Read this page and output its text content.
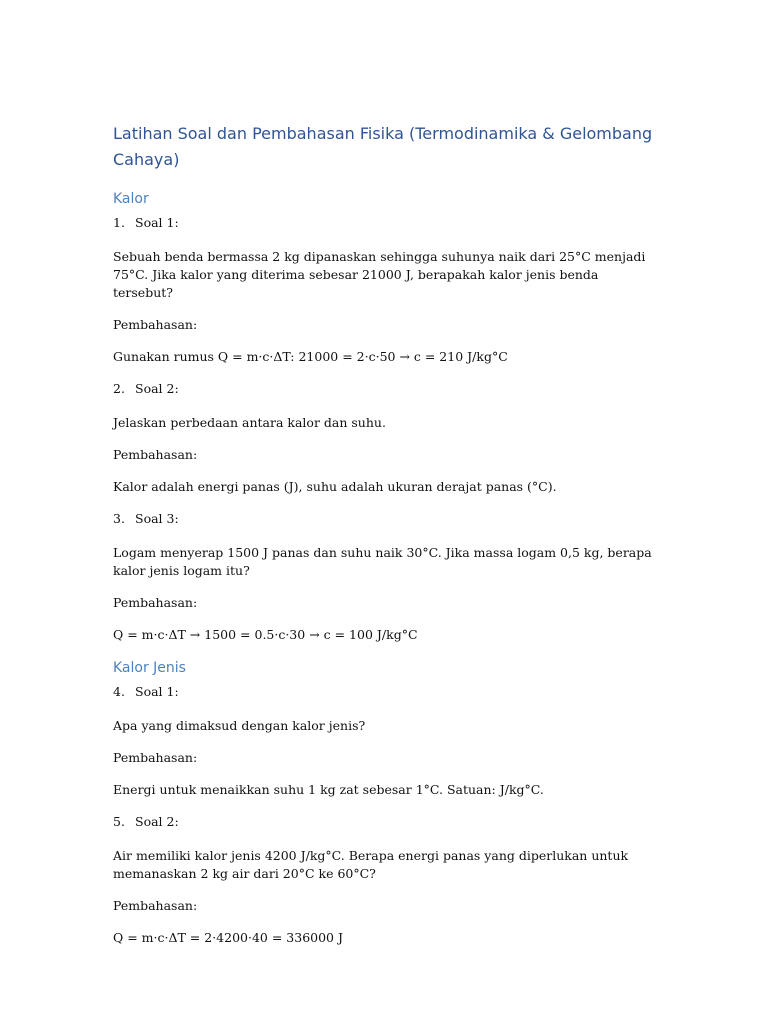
Latihan Soal dan Pembahasan Fisika (Termodinamika & Gelombang Cahaya)
Kalor

1. Soal 1:

Sebuah benda bermassa 2 kg dipanaskan sehingga suhunya naik dari 25°C menjadi 75°C. Jika kalor yang diterima sebesar 21000 J, berapakah kalor jenis benda tersebut?

Pembahasan:

Gunakan rumus Q = m·c·ΔT: 21000 = 2·c·50 → c = 210 J/kg°C

2. Soal 2:

Jelaskan perbedaan antara kalor dan suhu.

Pembahasan:

Kalor adalah energi panas (J), suhu adalah ukuran derajat panas (°C).

3. Soal 3:

Logam menyerap 1500 J panas dan suhu naik 30°C. Jika massa logam 0,5 kg, berapa kalor jenis logam itu?

Pembahasan:

Q = m·c·ΔT → 1500 = 0.5·c·30 → c = 100 J/kg°C

Kalor Jenis

4. Soal 1:

Apa yang dimaksud dengan kalor jenis?

Pembahasan:

Energi untuk menaikkan suhu 1 kg zat sebesar 1°C. Satuan: J/kg°C.

5. Soal 2:

Air memiliki kalor jenis 4200 J/kg°C. Berapa energi panas yang diperlukan untuk memanaskan 2 kg air dari 20°C ke 60°C?

Pembahasan:

Q = m·c·ΔT = 2·4200·40 = 336000 J
